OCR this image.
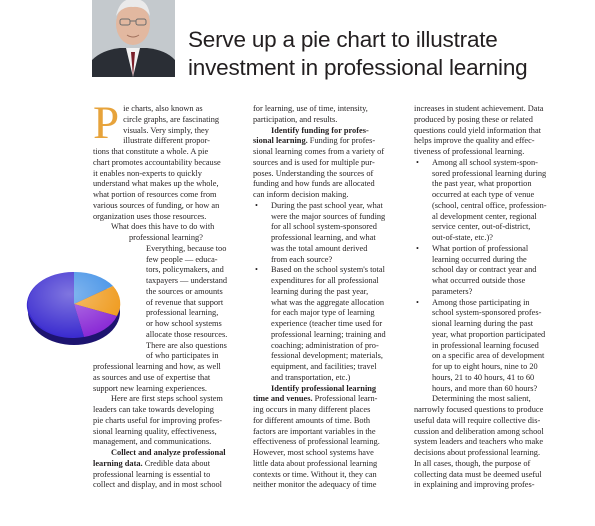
Serve up a pie chart to illustrate
investment in professional learning
P ie charts, also known as
circle graphs, are fascinating
visuals. Very simply, they
illustrate different propor-
tions that constitute a whole. A pie
chart promotes accountability because
it enables non-experts to quickly
understand what makes up the whole,
what portion of resources come from
various sources of funding, or how an
organization uses those resources.
What does this have to do with
professional learning?
Everything, because too
few people — educa-
tors, policymakers, and
taxpayers — understand
the sources or amounts
of revenue that support
professional learning,
or how school systems
allocate those resources.
There are also questions
of who participates in
professional learning and how, as well
as sources and use of expertise that
support new learning experiences.
Here are first steps school system
leaders can take towards developing
pie charts useful for improving profes-
sional learning quality, effectiveness,
management, and communications.
Collect and analyze professional
learning data. Credible data about
professional learning is essential to
collect and display, and in most school
for learning, use of time, intensity,
participation, and results.
Identify funding for profes-
sional learning. Funding for profes-
sional learning comes from a variety of
sources and is used for multiple pur-
poses. Understanding the sources of
funding and how funds are allocated
can inform decision making.
• During the past school year, what
were the major sources of funding
for all school system-sponsored
professional learning, and what
was the total amount derived
from each source?
• Based on the school system's total
expenditures for all professional
learning during the past year,
what was the aggregate allocation
for each major type of learning
experience (teacher time used for
professional learning; training and
coaching; administration of pro-
fessional development; materials,
equipment, and facilities; travel
and transportation, etc.)
Identify professional learning
time and venues. Professional learn-
ing occurs in many different places
for different amounts of time. Both
factors are important variables in the
effectiveness of professional learning.
However, most school systems have
little data about professional learning
contexts or time. Without it, they can
neither monitor the adequacy of time
increases in student achievement. Data
produced by posing these or related
questions could yield information that
helps improve the quality and effec-
tiveness of professional learning.
• Among all school system-spon-
sored professional learning during
the past year, what proportion
occurred at each type of venue
(school, central office, profession-
al development center, regional
service center, out-of-district,
out-of-state, etc.)?
• What portion of professional
learning occurred during the
school day or contract year and
what occurred outside those
parameters?
• Among those participating in
school system-sponsored profes-
sional learning during the past
year, what proportion participated
in professional learning focused
on a specific area of development
for up to eight hours, nine to 20
hours, 21 to 40 hours, 41 to 60
hours, and more than 60 hours?
Determining the most salient,
narrowly focused questions to produce
useful data will require collective dis-
cussion and deliberation among school
system leaders and teachers who make
decisions about professional learning.
In all cases, though, the purpose of
collecting data must be deemed useful
in explaining and improving profes-
